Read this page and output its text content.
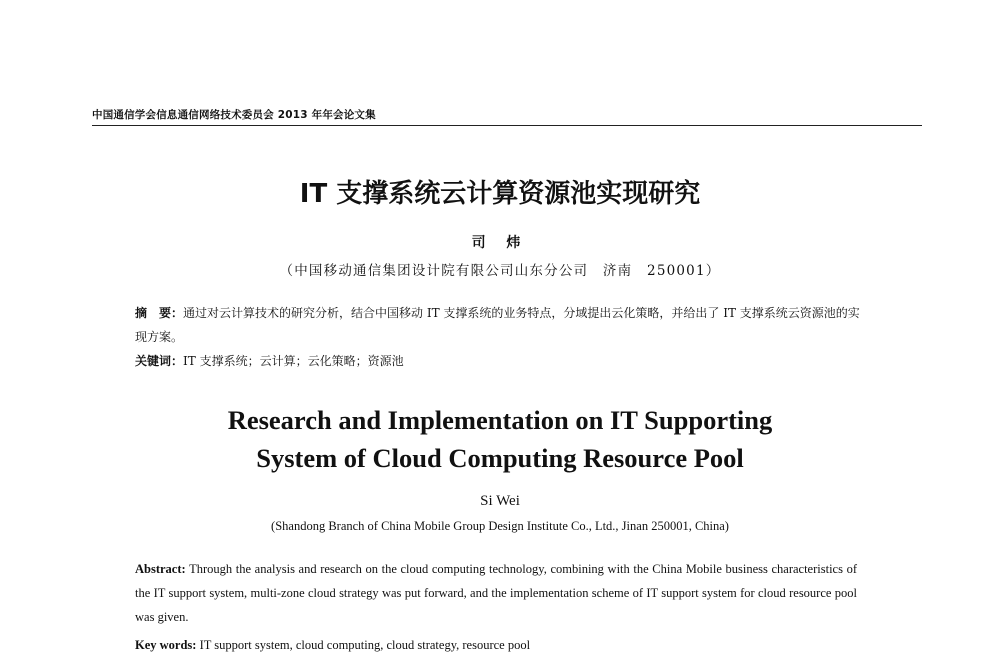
中国通信学会信息通信网络技术委员会 2013 年年会论文集
IT 支撑系统云计算资源池实现研究
司 炜
（中国移动通信集团设计院有限公司山东分公司　济南　250001）
摘　要：通过对云计算技术的研究分析，结合中国移动 IT 支撑系统的业务特点，分域提出云化策略，并给出了 IT 支撑系统云资源池的实现方案。
关键词：IT 支撑系统；云计算；云化策略；资源池
Research and Implementation on IT Supporting
System of Cloud Computing Resource Pool
Si Wei
(Shandong Branch of China Mobile Group Design Institute Co., Ltd., Jinan 250001, China)
Abstract: Through the analysis and research on the cloud computing technology, combining with the China Mobile business characteristics of the IT support system, multi-zone cloud strategy was put forward, and the implementation scheme of IT support system for cloud resource pool was given.
Key words: IT support system, cloud computing, cloud strategy, resource pool
